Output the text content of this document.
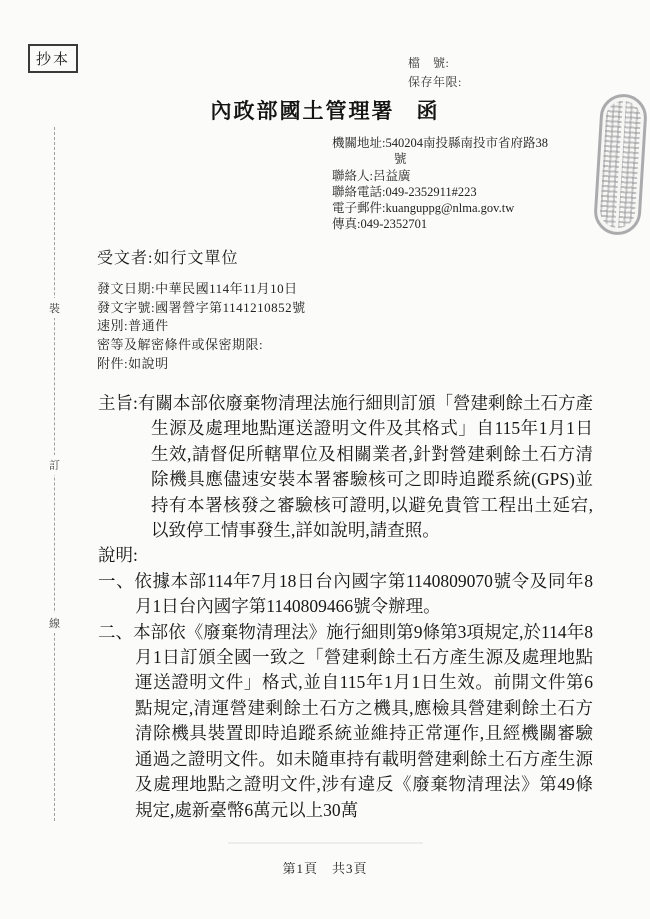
抄本	檔　號:
保存年限:
內政部國土管理署 函
機關地址:540204南投縣南投市省府路38
號
聯絡人:呂益廣
聯絡電話:049-2352911#223
電子郵件:kuanguppg@nlma.gov.tw
傳真:049-2352701
受文者:如行文單位
發文日期:中華民國114年11月10日
發文字號:國署營字第1141210852號
速別:普通件
密等及解密條件或保密期限:
附件:如說明

主旨:有關本部依廢棄物清理法施行細則訂頒「營建剩餘土石方產生源及處理地點運送證明文件及其格式」自115年1月1日生效,請督促所轄單位及相關業者,針對營建剩餘土石方清除機具應儘速安裝本署審驗核可之即時追蹤系統(GPS)並持有本署核發之審驗核可證明,以避免貴管工程出土延宕,以致停工情事發生,詳如說明,請查照。

說明:

一、依據本部114年7月18日台內國字第1140809070號令及同年8月1日台內國字第1140809466號令辦理。

二、本部依《廢棄物清理法》施行細則第9條第3項規定,於114年8月1日訂頒全國一致之「營建剩餘土石方產生源及處理地點運送證明文件」格式,並自115年1月1日生效。前開文件第6點規定,清運營建剩餘土石方之機具,應檢具營建剩餘土石方清除機具裝置即時追蹤系統並維持正常運作,且經機關審驗通過之證明文件。如未隨車持有載明營建剩餘土石方產生源及處理地點之證明文件,涉有違反《廢棄物清理法》第49條規定,處新臺幣6萬元以上30萬

裝
訂
線
第1頁　共3頁
